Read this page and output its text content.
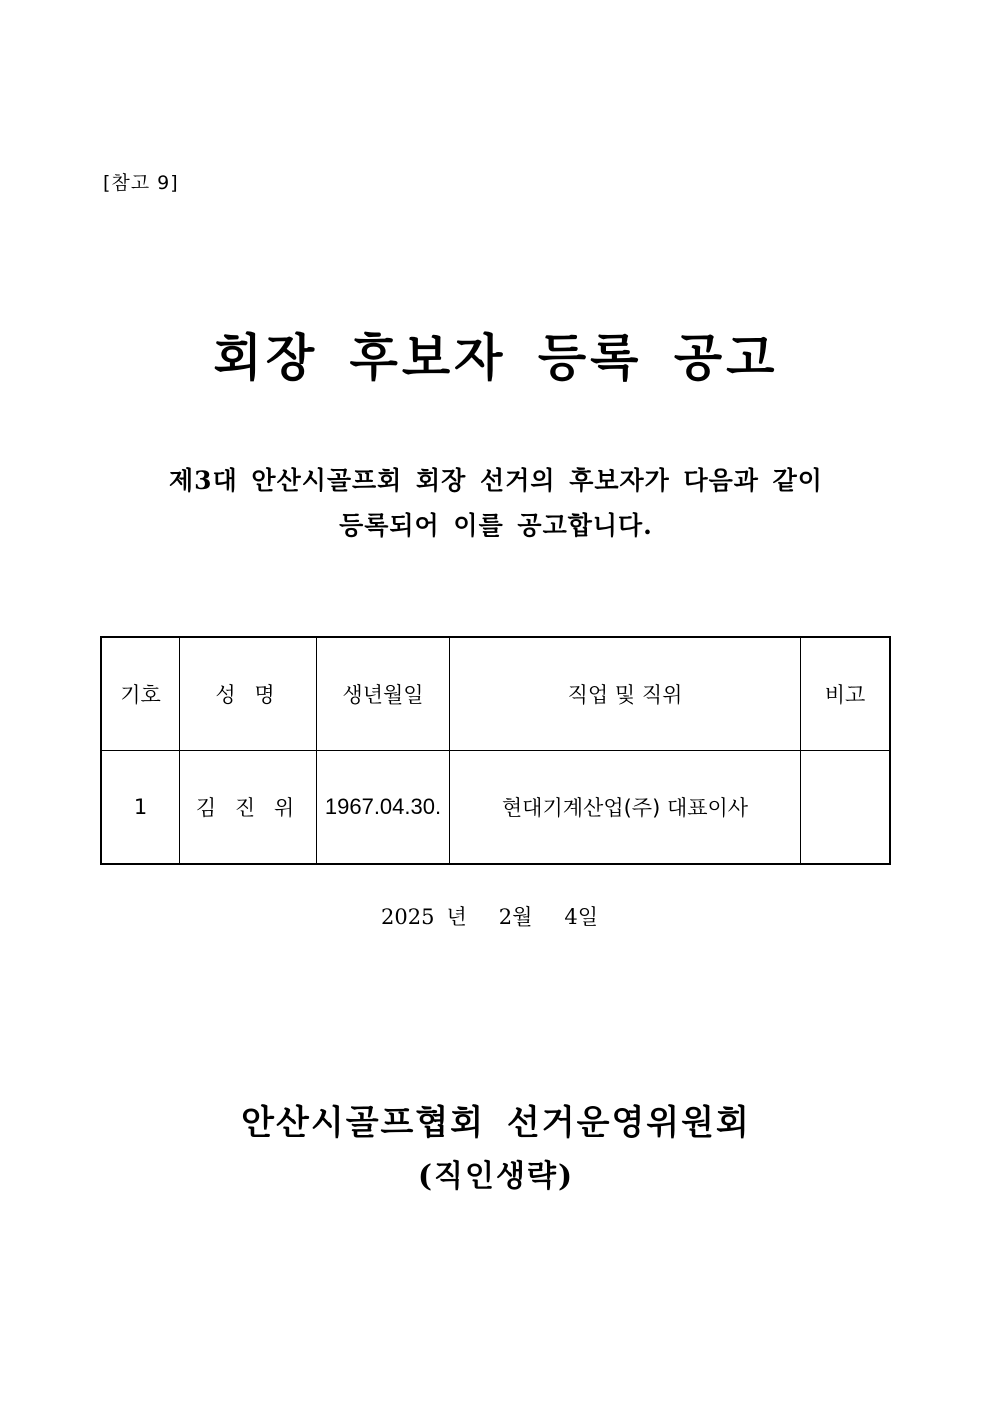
[참고 9]
회장 후보자 등록 공고
제3대 안산시골프회 회장 선거의 후보자가 다음과 같이
등록되어 이를 공고합니다.
기호	성 명	생년월일	직업 및 직위	비고
1	김 진 위	1967.04.30.	현대기계산업(주) 대표이사	
2025 년 2월 4일
안산시골프협회 선거운영위원회
(직인생략)
